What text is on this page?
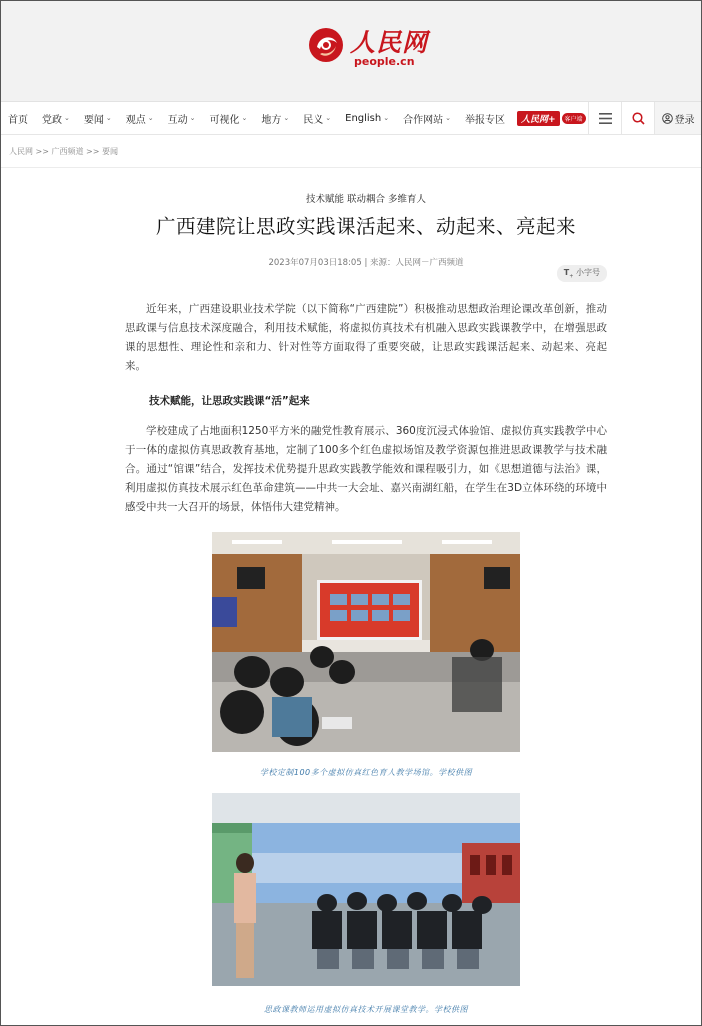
人民网
people.cn
首页 党政 ⌄ 要闻 ⌄ 观点 ⌄ 互动 ⌄ 可视化 ⌄ 地方 ⌄ 民义 ⌄ English ⌄ 合作网站 ⌄ 举报专区	人民网+	客户端	登录
人民网 >> 广西频道 >> 要闻
技术赋能 联动耦合 多维育人
广西建院让思政实践课活起来、动起来、亮起来
2023年07月03日18:05 | 来源：人民网－广西频道
$T_+$ 小字号

近年来，广西建设职业技术学院（以下简称“广西建院”）积极推动思想政治理论课改革创新，推动思政课与信息技术深度融合，利用技术赋能，将虚拟仿真技术有机融入思政实践课教学中，在增强思政课的思想性、理论性和亲和力、针对性等方面取得了重要突破，让思政实践课活起来、动起来、亮起来。

技术赋能，让思政实践课“活”起来

学校建成了占地面积1250平方米的融党性教育展示、360度沉浸式体验馆、虚拟仿真实践教学中心于一体的虚拟仿真思政教育基地，定制了100多个红色虚拟场馆及教学资源包推进思政课教学与技术融合。通过“馆课”结合，发挥技术优势提升思政实践教学能效和课程吸引力，如《思想道德与法治》课，利用虚拟仿真技术展示红色革命建筑——中共一大会址、嘉兴南湖红船，在学生在3D立体环绕的环境中感受中共一大召开的场景，体悟伟大建党精神。

学校定制100多个虚拟仿真红色育人教学场馆。学校供图
思政课教师运用虚拟仿真技术开展课堂教学。学校供图
